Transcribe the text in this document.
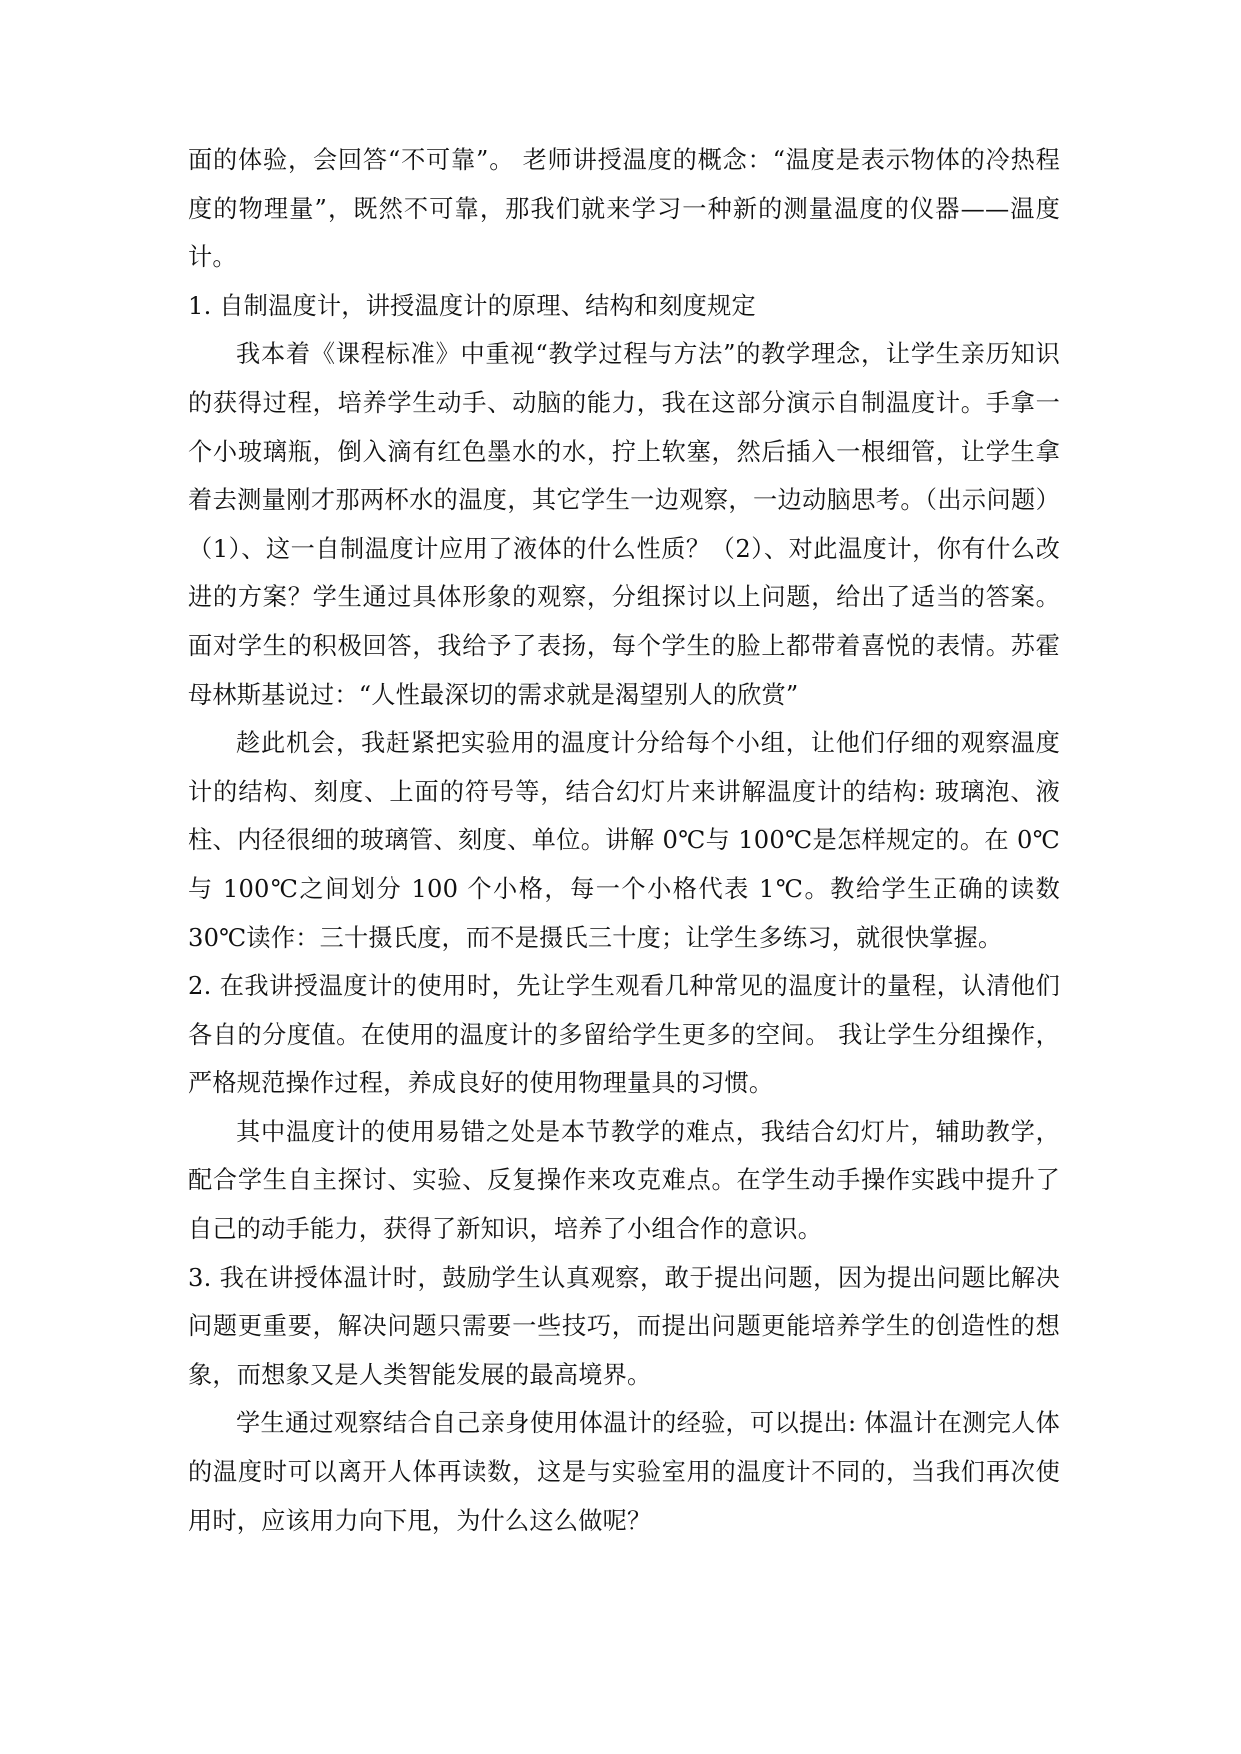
面的体验，会回答“不可靠”。 老师讲授温度的概念：“温度是表示物体的冷热程度的物理量”，既然不可靠，那我们就来学习一种新的测量温度的仪器——温度计。

1. 自制温度计，讲授温度计的原理、结构和刻度规定

我本着《课程标准》中重视“教学过程与方法”的教学理念，让学生亲历知识的获得过程，培养学生动手、动脑的能力，我在这部分演示自制温度计。手拿一个小玻璃瓶，倒入滴有红色墨水的水，拧上软塞，然后插入一根细管，让学生拿着去测量刚才那两杯水的温度，其它学生一边观察，一边动脑思考。（出示问题）（1）、这一自制温度计应用了液体的什么性质？（2）、对此温度计，你有什么改进的方案？学生通过具体形象的观察，分组探讨以上问题，给出了适当的答案。面对学生的积极回答，我给予了表扬，每个学生的脸上都带着喜悦的表情。苏霍母林斯基说过：“人性最深切的需求就是渴望别人的欣赏”

趁此机会，我赶紧把实验用的温度计分给每个小组，让他们仔细的观察温度计的结构、刻度、上面的符号等，结合幻灯片来讲解温度计的结构: 玻璃泡、液柱、内径很细的玻璃管、刻度、单位。讲解 0℃与 100℃是怎样规定的。在 0℃与 100℃之间划分 100 个小格，每一个小格代表 1℃。教给学生正确的读数 30℃读作：三十摄氏度，而不是摄氏三十度；让学生多练习，就很快掌握。

2. 在我讲授温度计的使用时，先让学生观看几种常见的温度计的量程，认清他们各自的分度值。在使用的温度计的多留给学生更多的空间。 我让学生分组操作，严格规范操作过程，养成良好的使用物理量具的习惯。

其中温度计的使用易错之处是本节教学的难点，我结合幻灯片，辅助教学，配合学生自主探讨、实验、反复操作来攻克难点。在学生动手操作实践中提升了自己的动手能力，获得了新知识，培养了小组合作的意识。

3. 我在讲授体温计时，鼓励学生认真观察，敢于提出问题，因为提出问题比解决问题更重要，解决问题只需要一些技巧，而提出问题更能培养学生的创造性的想象，而想象又是人类智能发展的最高境界。

学生通过观察结合自己亲身使用体温计的经验，可以提出: 体温计在测完人体的温度时可以离开人体再读数，这是与实验室用的温度计不同的，当我们再次使用时，应该用力向下甩，为什么这么做呢？
